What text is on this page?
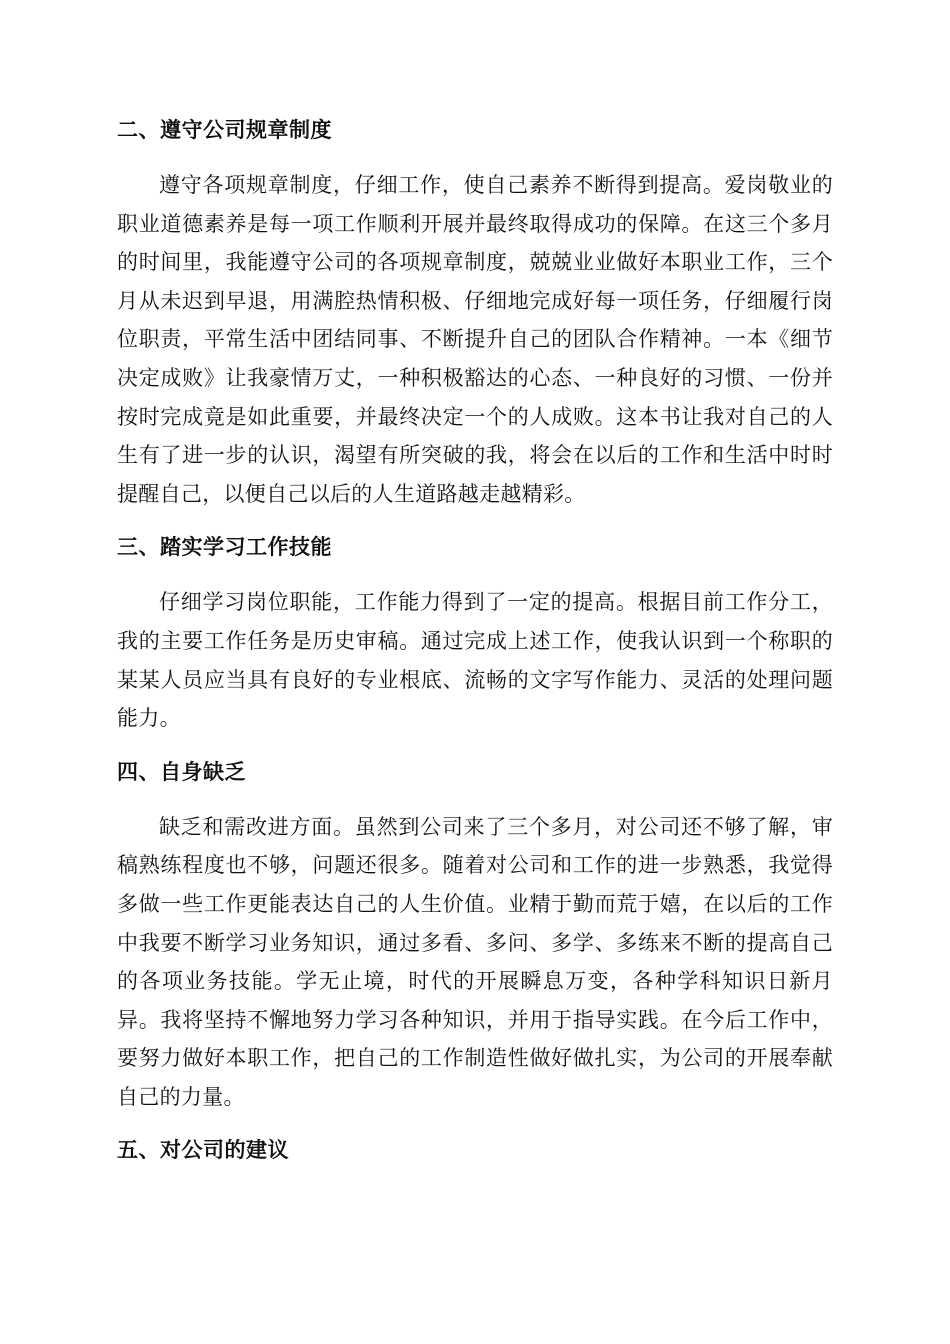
二、遵守公司规章制度

遵守各项规章制度，仔细工作，使自己素养不断得到提高。爱岗敬业的职业道德素养是每一项工作顺利开展并最终取得成功的保障。在这三个多月的时间里，我能遵守公司的各项规章制度，兢兢业业做好本职业工作，三个月从未迟到早退，用满腔热情积极、仔细地完成好每一项任务，仔细履行岗位职责，平常生活中团结同事、不断提升自己的团队合作精神。一本《细节决定成败》让我豪情万丈，一种积极豁达的心态、一种良好的习惯、一份并按时完成竟是如此重要，并最终决定一个的人成败。这本书让我对自己的人生有了进一步的认识，渴望有所突破的我，将会在以后的工作和生活中时时提醒自己，以便自己以后的人生道路越走越精彩。

三、踏实学习工作技能

仔细学习岗位职能，工作能力得到了一定的提高。根据目前工作分工，我的主要工作任务是历史审稿。通过完成上述工作，使我认识到一个称职的某某人员应当具有良好的专业根底、流畅的文字写作能力、灵活的处理问题能力。

四、自身缺乏

缺乏和需改进方面。虽然到公司来了三个多月，对公司还不够了解，审稿熟练程度也不够，问题还很多。随着对公司和工作的进一步熟悉，我觉得多做一些工作更能表达自己的人生价值。业精于勤而荒于嬉，在以后的工作中我要不断学习业务知识，通过多看、多问、多学、多练来不断的提高自己的各项业务技能。学无止境，时代的开展瞬息万变，各种学科知识日新月异。我将坚持不懈地努力学习各种知识，并用于指导实践。在今后工作中，要努力做好本职工作，把自己的工作制造性做好做扎实，为公司的开展奉献自己的力量。

五、对公司的建议
